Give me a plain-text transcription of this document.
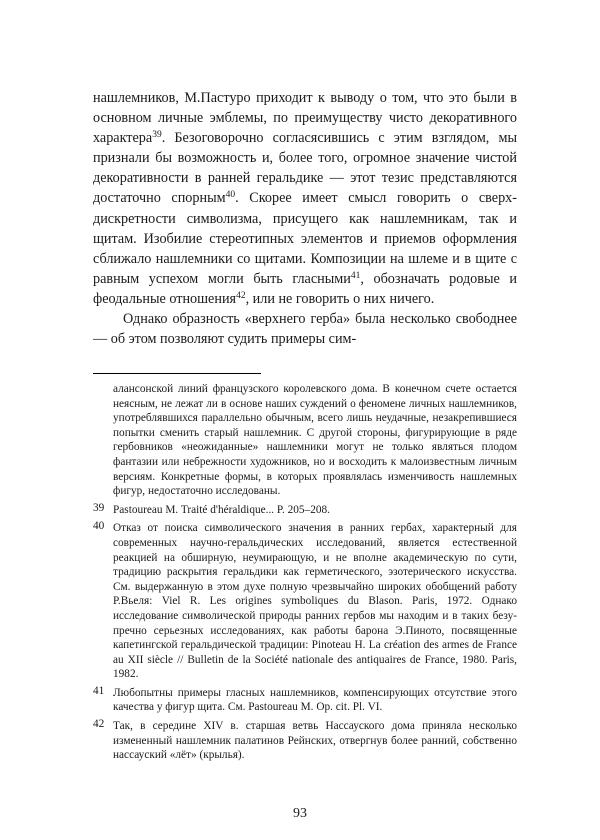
нашлемников, М.Пастуро приходит к выводу о том, что это были в основном личные эмблемы, по преимуществу чисто декоративного характера$^{39}$. Безоговорочно согласясившись с этим взглядом, мы признали бы возможность и, более того, огромное значение чистой декоративности в ранней геральдике — этот тезис представляются достаточно спорным$^{40}$. Скорее имеет смысл говорить о сверхдискретности символизма, присущего как нашлемникам, так и щитам. Изобилие стереотипных элементов и приемов оформления сближало нашлемники со щитами. Композиции на шлеме и в щите с равным успехом могли быть гласными$^{41}$, обозначать родовые и феодальные отношения$^{42}$, или не говорить о них ничего.

Однако образность «верхнего герба» была несколько свободнее — об этом позволяют судить примеры сим-

алансонской линий французского королевского дома. В конечном счете остается неясным, не лежат ли в основе наших суждений о феномене личных нашлемников, употреблявшихся параллельно обычным, всего лишь неудачные, незакрепившиеся попытки сменить старый нашлемник. С другой стороны, фигурирующие в ряде гербовников «неожиданные» нашлемники могут не только являться плодом фантазии или небрежности художников, но и восходить к малоизвестным личным версиям. Конкретные формы, в которых проявлялась изменчивость нашлемных фигур, недостаточно исследованы.
39 Pastoureau M. Traité d'héraldique... P. 205–208.
40 Отказ от поиска символического значения в ранних гербах, характерный для современных научно-геральдических исследований, является естественной реакцией на обширную, неумирающую, и не вполне академическую по сути, традицию раскрытия геральдики как герметического, эзотерического искусства. См. выдержанную в этом духе полную чрезвычайно широких обобщений работу Р.Вьеля: Viel R. Les origines symboliques du Blason. Paris, 1972. Однако исследование символической природы ранних гербов мы находим и в таких безупречно серьезных исследованиях, как работы барона Э.Пиното, посвященные капетингской геральдической традиции: Pinoteau H. La création des armes de France au XII siècle // Bulletin de la Société nationale des antiquaires de France, 1980. Paris, 1982.
41 Любопытны примеры гласных нашлемников, компенсирующих отсутствие этого качества у фигур щита. См. Pastoureau M. Op. cit. Pl. VI.
42 Так, в середине XIV в. старшая ветвь Нассауского дома приняла несколько измененный нашлемник палатинов Рейнских, отвергнув более ранний, собственно нассауский «лёт» (крылья).
93
